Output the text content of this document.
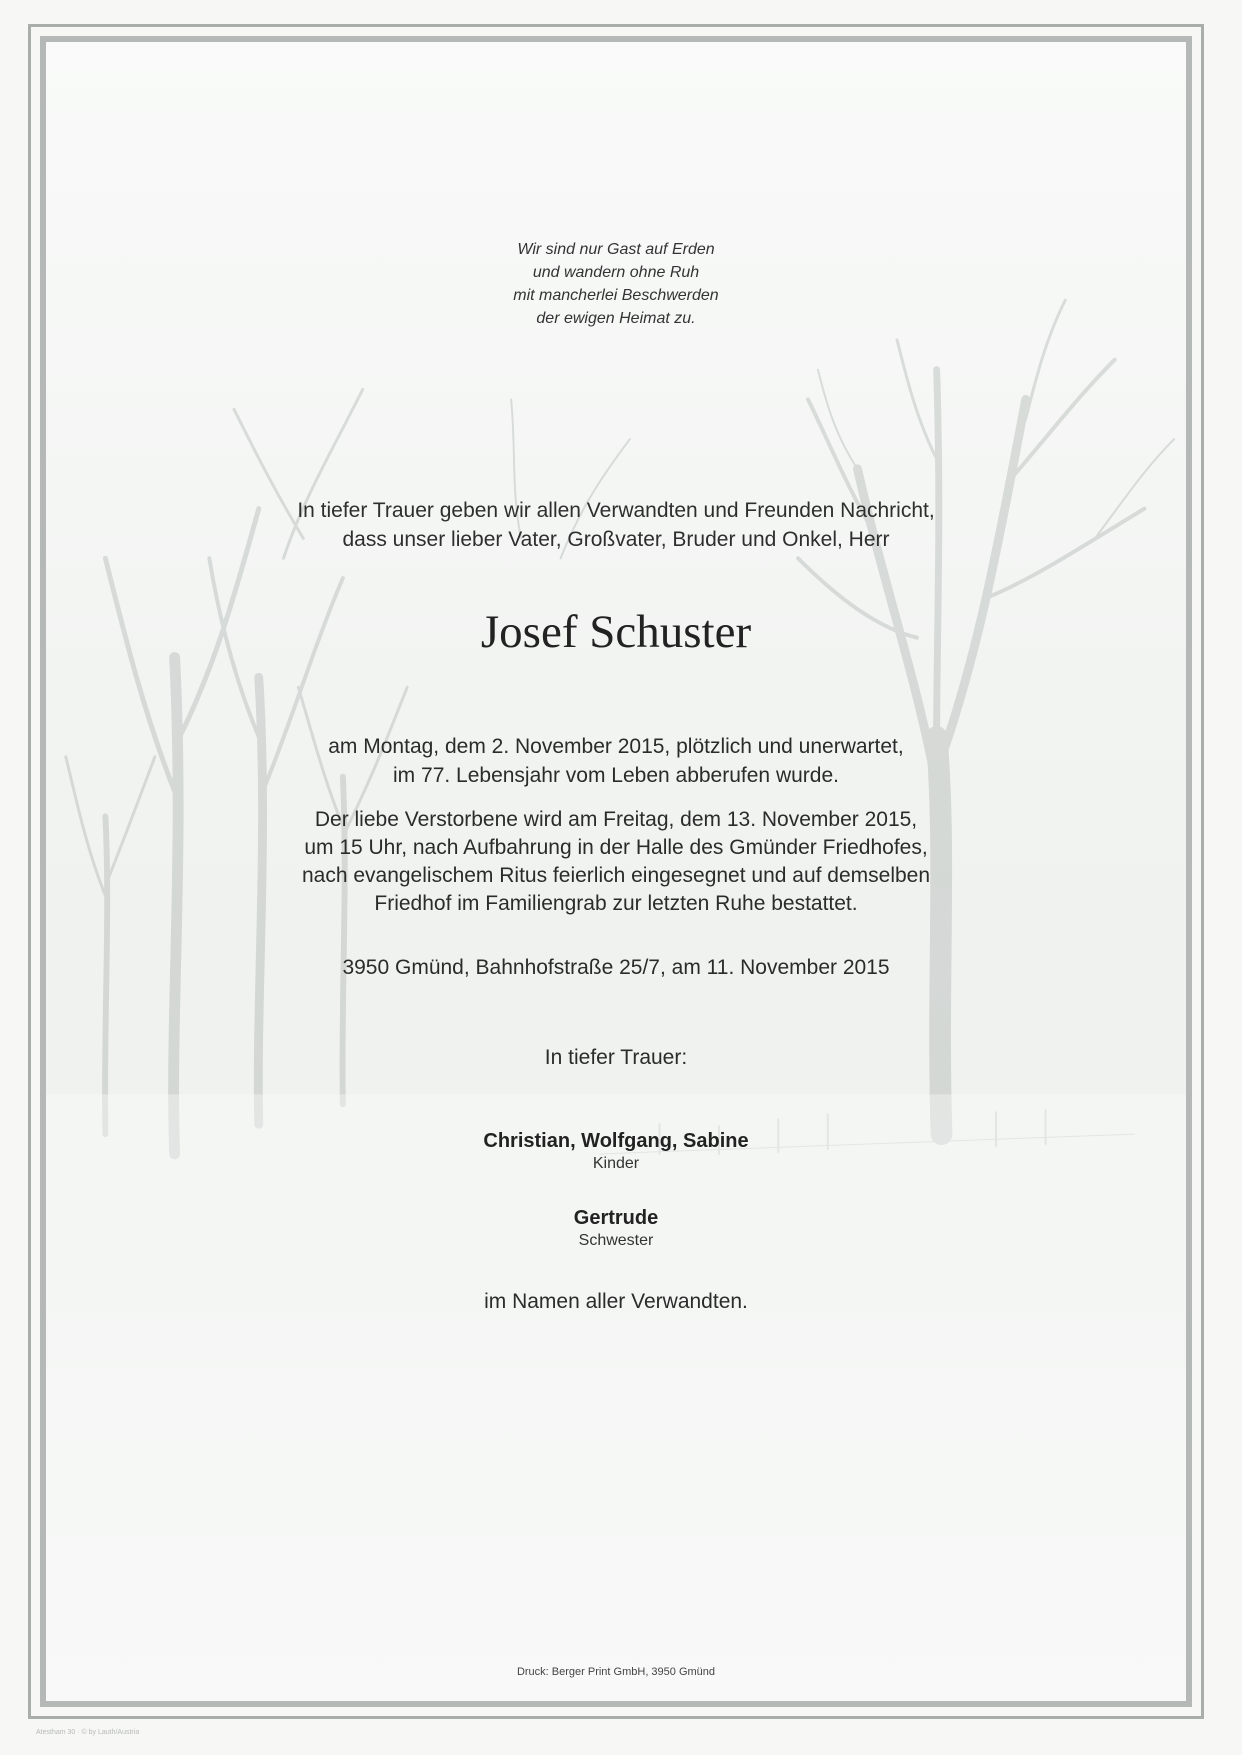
Wir sind nur Gast auf Erden
und wandern ohne Ruh
mit mancherlei Beschwerden
der ewigen Heimat zu.
In tiefer Trauer geben wir allen Verwandten und Freunden Nachricht,
dass unser lieber Vater, Großvater, Bruder und Onkel, Herr
Josef Schuster
am Montag, dem 2. November 2015, plötzlich und unerwartet,
im 77. Lebensjahr vom Leben abberufen wurde.
Der liebe Verstorbene wird am Freitag, dem 13. November 2015,
um 15 Uhr, nach Aufbahrung in der Halle des Gmünder Friedhofes,
nach evangelischem Ritus feierlich eingesegnet und auf demselben
Friedhof im Familiengrab zur letzten Ruhe bestattet.
3950 Gmünd, Bahnhofstraße 25/7, am 11. November 2015
In tiefer Trauer:
Christian, Wolfgang, Sabine
Kinder
Gertrude
Schwester
im Namen aller Verwandten.
Druck: Berger Print GmbH, 3950 Gmünd
Atestham 30 · © by Lauth/Austria
